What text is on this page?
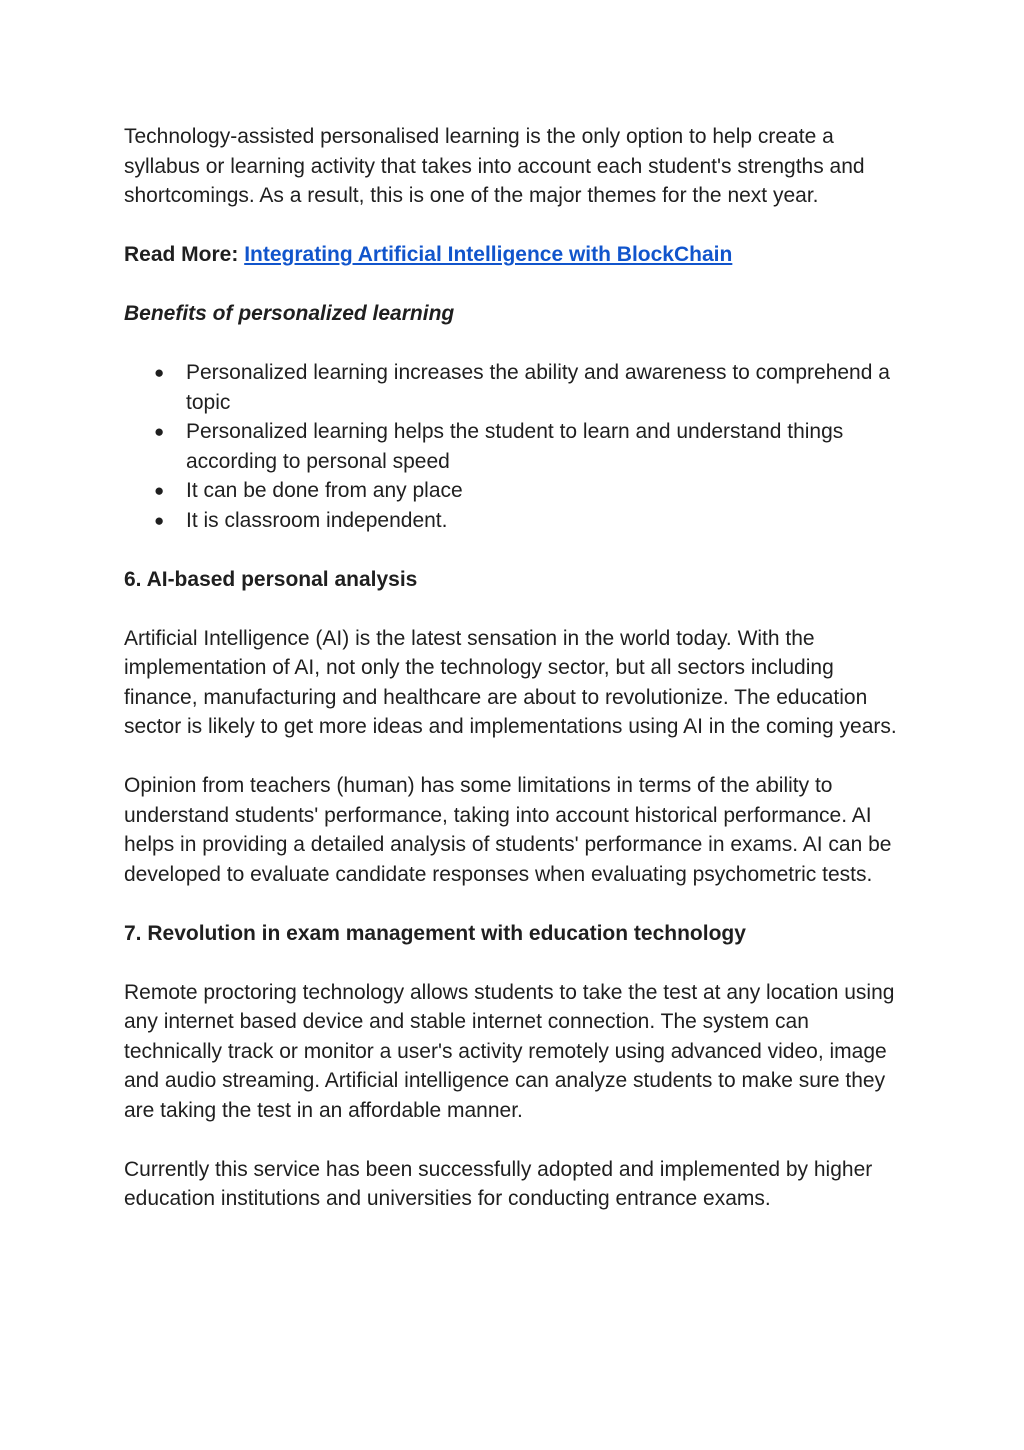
Technology-assisted personalised learning is the only option to help create a syllabus or learning activity that takes into account each student's strengths and shortcomings. As a result, this is one of the major themes for the next year.

Read More: Integrating Artificial Intelligence with BlockChain

Benefits of personalized learning

● Personalized learning increases the ability and awareness to comprehend a topic
● Personalized learning helps the student to learn and understand things according to personal speed
● It can be done from any place
● It is classroom independent.

6. AI-based personal analysis

Artificial Intelligence (AI) is the latest sensation in the world today. With the implementation of AI, not only the technology sector, but all sectors including finance, manufacturing and healthcare are about to revolutionize. The education sector is likely to get more ideas and implementations using AI in the coming years.

Opinion from teachers (human) has some limitations in terms of the ability to understand students' performance, taking into account historical performance. AI helps in providing a detailed analysis of students' performance in exams. AI can be developed to evaluate candidate responses when evaluating psychometric tests.

7. Revolution in exam management with education technology

Remote proctoring technology allows students to take the test at any location using any internet based device and stable internet connection. The system can technically track or monitor a user's activity remotely using advanced video, image and audio streaming. Artificial intelligence can analyze students to make sure they are taking the test in an affordable manner.

Currently this service has been successfully adopted and implemented by higher education institutions and universities for conducting entrance exams.
